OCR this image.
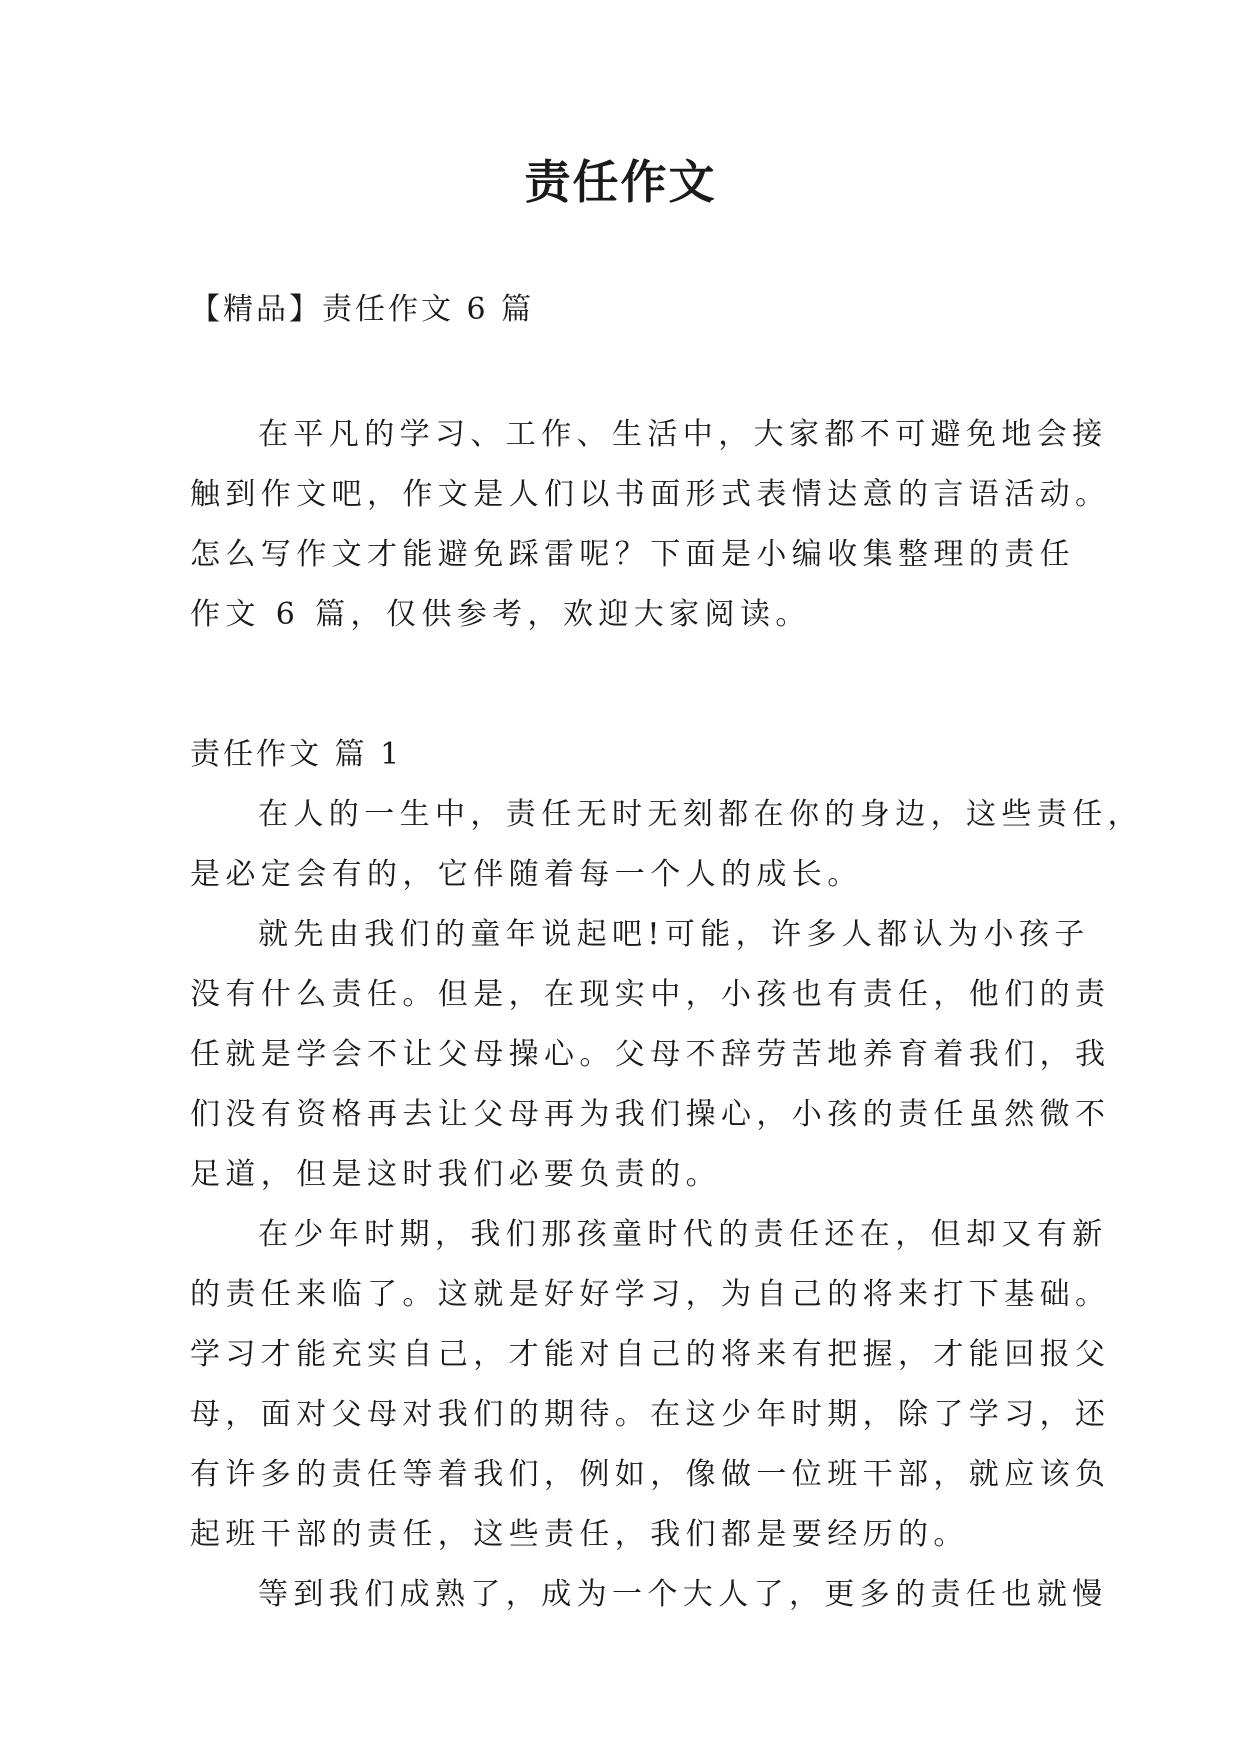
责任作文

【精品】责任作文 6 篇

在平凡的学习、工作、生活中，大家都不可避免地会接

触到作文吧，作文是人们以书面形式表情达意的言语活动。

怎么写作文才能避免踩雷呢？下面是小编收集整理的责任

作文 6 篇，仅供参考，欢迎大家阅读。

责任作文 篇 1

在人的一生中，责任无时无刻都在你的身边，这些责任，

是必定会有的，它伴随着每一个人的成长。

就先由我们的童年说起吧!可能，许多人都认为小孩子

没有什么责任。但是，在现实中，小孩也有责任，他们的责

任就是学会不让父母操心。父母不辞劳苦地养育着我们，我

们没有资格再去让父母再为我们操心，小孩的责任虽然微不

足道，但是这时我们必要负责的。

在少年时期，我们那孩童时代的责任还在，但却又有新

的责任来临了。这就是好好学习，为自己的将来打下基础。

学习才能充实自己，才能对自己的将来有把握，才能回报父

母，面对父母对我们的期待。在这少年时期，除了学习，还

有许多的责任等着我们，例如，像做一位班干部，就应该负

起班干部的责任，这些责任，我们都是要经历的。

等到我们成熟了，成为一个大人了，更多的责任也就慢
